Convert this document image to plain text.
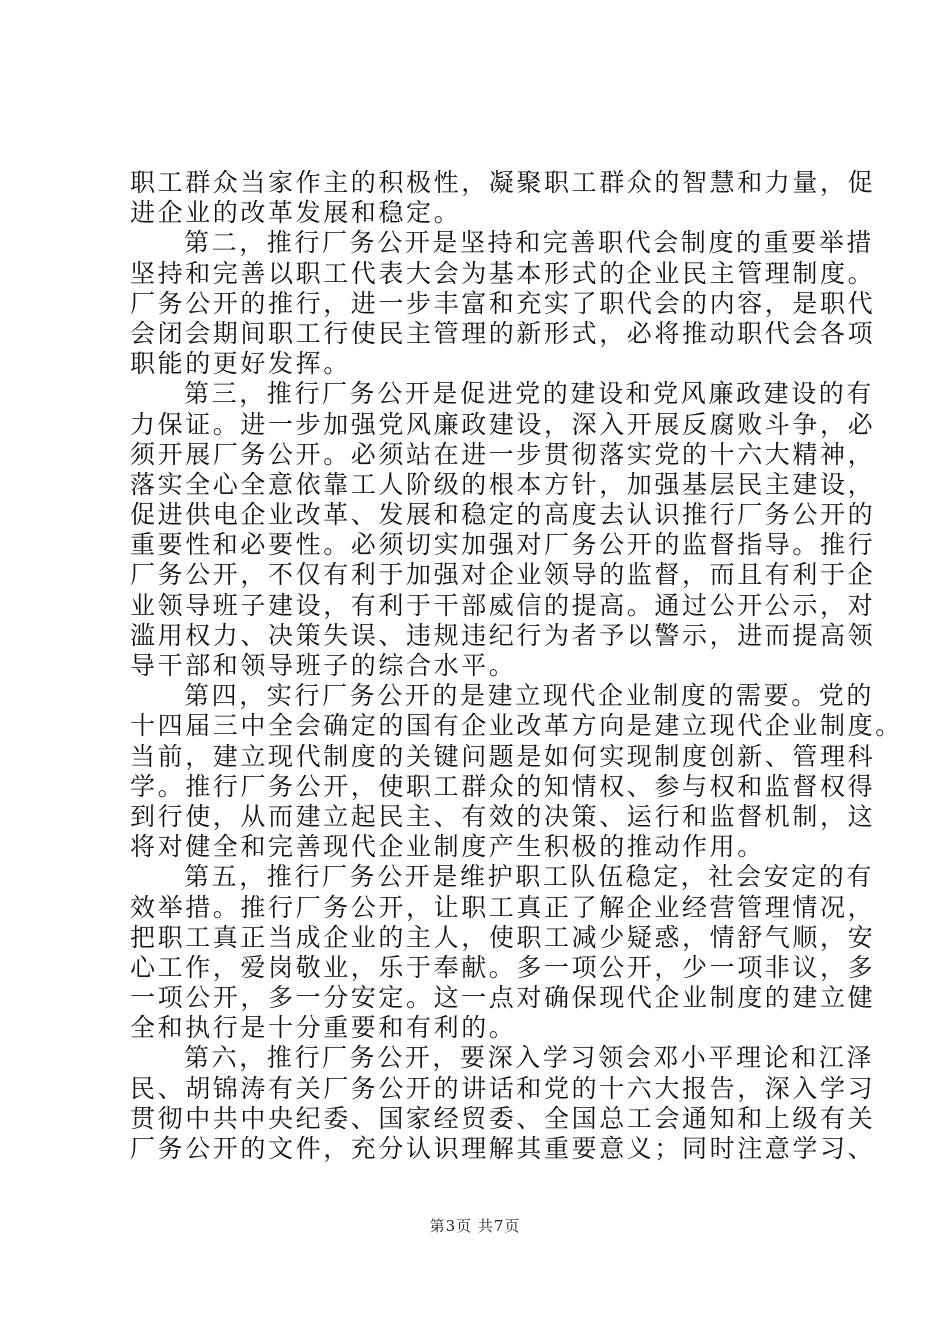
职工群众当家作主的积极性，凝聚职工群众的智慧和力量，促
进企业的改革发展和稳定。
第二，推行厂务公开是坚持和完善职代会制度的重要举措
坚持和完善以职工代表大会为基本形式的企业民主管理制度。
厂务公开的推行，进一步丰富和充实了职代会的内容，是职代
会闭会期间职工行使民主管理的新形式，必将推动职代会各项
职能的更好发挥。
第三，推行厂务公开是促进党的建设和党风廉政建设的有
力保证。进一步加强党风廉政建设，深入开展反腐败斗争，必
须开展厂务公开。必须站在进一步贯彻落实党的十六大精神，
落实全心全意依靠工人阶级的根本方针，加强基层民主建设，
促进供电企业改革、发展和稳定的高度去认识推行厂务公开的
重要性和必要性。必须切实加强对厂务公开的监督指导。推行
厂务公开，不仅有利于加强对企业领导的监督，而且有利于企
业领导班子建设，有利于干部威信的提高。通过公开公示，对
滥用权力、决策失误、违规违纪行为者予以警示，进而提高领
导干部和领导班子的综合水平。
第四，实行厂务公开的是建立现代企业制度的需要。党的
十四届三中全会确定的国有企业改革方向是建立现代企业制度。
当前，建立现代制度的关键问题是如何实现制度创新、管理科
学。推行厂务公开，使职工群众的知情权、参与权和监督权得
到行使，从而建立起民主、有效的决策、运行和监督机制，这
将对健全和完善现代企业制度产生积极的推动作用。
第五，推行厂务公开是维护职工队伍稳定，社会安定的有
效举措。推行厂务公开，让职工真正了解企业经营管理情况，
把职工真正当成企业的主人，使职工减少疑惑，情舒气顺，安
心工作，爱岗敬业，乐于奉献。多一项公开，少一项非议，多
一项公开，多一分安定。这一点对确保现代企业制度的建立健
全和执行是十分重要和有利的。
第六，推行厂务公开，要深入学习领会邓小平理论和江泽
民、胡锦涛有关厂务公开的讲话和党的十六大报告，深入学习
贯彻中共中央纪委、国家经贸委、全国总工会通知和上级有关
厂务公开的文件，充分认识理解其重要意义；同时注意学习、
第3页 共7页
